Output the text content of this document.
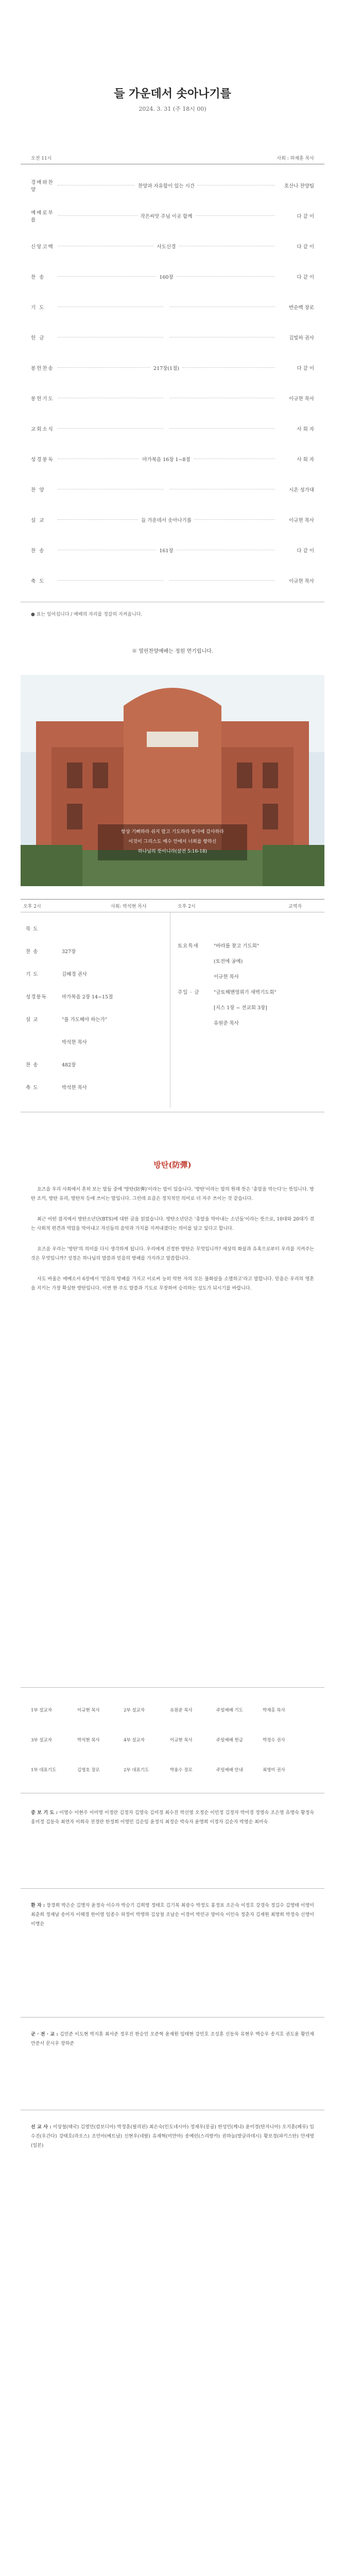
들 가운데서 솟아나기를
2024. 3. 31 (주 18시 00)
오전 11시	사회 : 하재훈 목사
경배와찬양
찬양과 자유함이 있는 시간	호산나 찬양팀
예배로부름
작은씨앗 주님 이곳 함께	다 같 이
신앙고백	사도신경	다 같 이
찬 송	160장	다 같 이
기 도	번순백 장로
헌 금	김빛하 권사
봉헌찬송	217장(1절)	다 같 이
봉헌기도	이규현 목사
교회소식	사 회 자
성경봉독	마가복음 16장 1~8절	사 회 자
찬 양	시온 성가대
설 교	들 가운데서 솟아나기를	이규현 목사
찬 송	161장	다 같 이
축 도	이규현 목사
● 표는 일어섭니다 / 예배의 자리를 정갈히 지켜옵니다.
※ 열린찬양예배는 정원 면기립니다.
항상 기뻐하라 쉬지 말고 기도하라 범사에 감사하라
이것이 그리스도 예수 안에서 너희를 향하신
하나님의 뜻이니라(살전 5:16-18)
오후 2시	사회: 박석현 목사	오후 2시	교역자
묵 도
찬 송	327장
기 도	김혜경 권사
성경봉독	마가복음 2장 14~15절
설 교	"를 가도해야 하는가"
박석현 목사
찬 송	482장
축 도	박석현 목사
토요특새	"바라를 찾고 기도회"
(토전에 공예)
이규현 목사
주일 · 금	"금토해맨영위기 새벽기도회"
[지스 1장 ~ 전교회 3장]
유원준 목사
방탄(防彈)

요즈음 우리 사회에서 흔히 보는 말들 중에 '방탄(防彈)'이라는 말이 있습니다. '방탄'이라는 말의 원래 뜻은 '총알을 막는다'는 뜻입니다. 방탄 조끼, 방탄 유리, 방탄차 등에 쓰이는 말입니다. 그런데 요즘은 정치적인 의미로 더 자주 쓰이는 것 같습니다.

최근 어떤 잡지에서 방탄소년단(BTS)에 대한 글을 읽었습니다. 방탄소년단은 '총알을 막아내는 소년들'이라는 뜻으로, 10대와 20대가 겪는 사회적 편견과 억압을 막아내고 자신들의 음악과 가치를 지켜내겠다는 의미를 담고 있다고 합니다.

요즈음 우리는 '방탄'의 의미를 다시 생각하게 됩니다. 우리에게 진정한 방탄은 무엇입니까? 세상의 화살과 유혹으로부터 우리를 지켜주는 것은 무엇입니까? 성경은 하나님의 말씀과 믿음의 방패를 가지라고 말씀합니다.

사도 바울은 에베소서 6장에서 '믿음의 방패를 가지고 이로써 능히 악한 자의 모든 불화살을 소멸하고'라고 말합니다. 믿음은 우리의 영혼을 지키는 가장 확실한 방탄입니다. 이번 한 주도 말씀과 기도로 무장하여 승리하는 성도가 되시기를 바랍니다.

1부 설교자	이규현 목사	2부 설교자	유원준 목사	주일예배 기도	박재홍 목사
3부 설교자	박석현 목사	4부 설교자	이규현 목사	주일예배 헌금	박정수 권사
1부 대표기도	김영호 장로	2부 대표기도	박용수 장로	주일예배 안내	최영미 권사
중 보 기 도 : 이영수 이현주 이미영 이정란 김정자 김영숙 김미경 최수진 박선영 오정순 이민정 김정자 박미경 정영숙 조은영 유명숙 황정숙 홍미정 김동숙 최연자 이희숙 전경란 한정희 이영민 김순임 윤정식 최정순 박숙자 윤명희 이경자 김순자 박영순 최미숙
환 자 : 장경희 박은순 김명자 윤정숙 이수자 박승기 김희영 정태호 김기복 최광수 박정도 홍정표 조은숙 이정호 강경숙 정길수 김영태 이영미 최춘희 정재남 송미자 이혜경 한미영 임종수 허정미 박영하 김상철 조남순 이경미 박민규 양미숙 이인숙 정춘자 김재원 최명희 박정숙 신영미 이명순
군 · 전 · 교 : 김민준 이도현 박지훈 최서준 정우진 한승민 오준혁 윤재원 임태현 강민호 조성훈 신동욱 유현우 백승우 송지호 권도윤 황민재 안준서 문시우 장하준
선 교 사 : 이상철(태국) 김영민(캄보디아) 박정훈(필리핀) 최은숙(인도네시아) 정재우(몽골) 한성민(케냐) 윤미경(탄자니아) 오지훈(페루) 임수진(우간다) 강태호(라오스) 조민아(베트남) 신현우(네팔) 유재혁(미얀마) 송예린(스리랑카) 권하늘(방글라데시) 황보경(파키스탄) 안세영(일본)
